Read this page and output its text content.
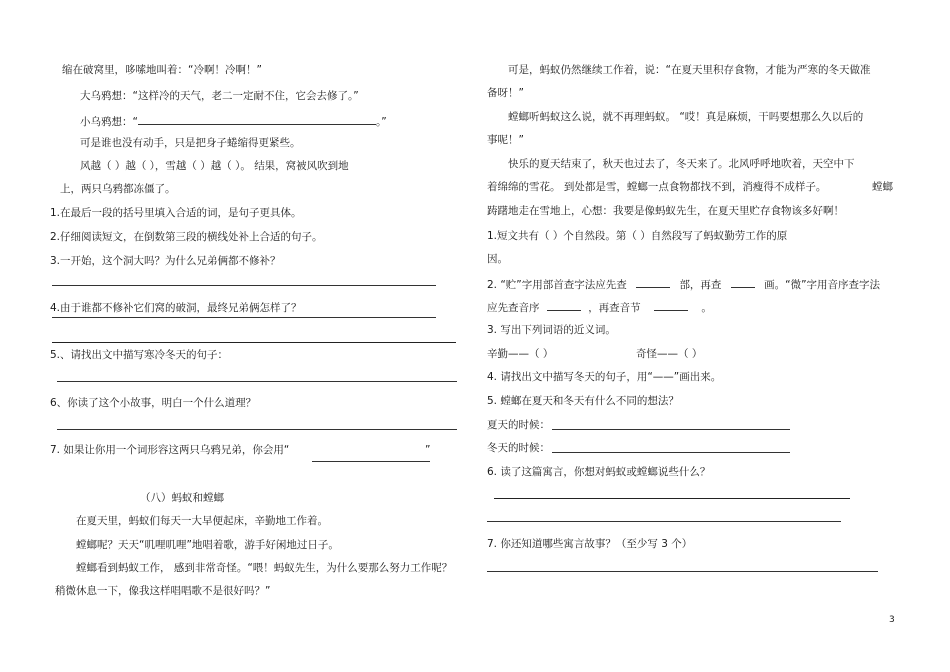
缩在破窝里，哆嗦地叫着：“冷啊！冷啊！”
大乌鸦想：“这样冷的天气，老二一定耐不住，它会去修了。”
小乌鸦想：“	。”
可是谁也没有动手，只是把身子蜷缩得更紧些。
风越（ ）越（ ），雪越（ ）越（ ）。 结果，窝被风吹到地
上，两只乌鸦都冻僵了。
1.在最后一段的括号里填入合适的词，是句子更具体。
2.仔细阅读短文，在倒数第三段的横线处补上合适的句子。
3.一开始，这个洞大吗？为什么兄弟俩都不修补？
4.由于谁都不修补它们窝的破洞，最终兄弟俩怎样了？
5.、请找出文中描写寒冷冬天的句子：
6、你读了这个小故事，明白一个什么道理？
7. 如果让你用一个词形容这两只乌鸦兄弟，你会用“	”
（八）蚂蚁和螳螂
在夏天里，蚂蚁们每天一大早便起床，辛勤地工作着。
螳螂呢？天天“叽哩叽哩”地唱着歌，游手好闲地过日子。
螳螂看到蚂蚁工作， 感到非常奇怪。“喂！蚂蚁先生，为什么要那么努力工作呢？
稍微休息一下，像我这样唱唱歌不是很好吗？”
可是，蚂蚁仍然继续工作着，说：“在夏天里积存食物，才能为严寒的冬天做准
备呀！”
螳螂听蚂蚁这么说，就不再理蚂蚁。 “哎！真是麻烦，干吗要想那么久以后的
事呢！”
快乐的夏天结束了，秋天也过去了，冬天来了。北风呼呼地吹着，天空中下
着绵绵的雪花。 到处都是雪，螳螂一点食物都找不到，消瘦得不成样子。	螳螂
踌躇地走在雪地上，心想：我要是像蚂蚁先生，在夏天里贮存食物该多好啊！
1.短文共有（ ）个自然段。第（ ）自然段写了蚂蚁勤劳工作的原
因。
2. “贮”字用部首查字法应先查	部，再查	画。“微”字用音序查字法
应先查音序	，再查音节	。
3. 写出下列词语的近义词。
辛勤——（ ）	奇怪——（ ）
4. 请找出文中描写冬天的句子，用“——”画出来。
5. 螳螂在夏天和冬天有什么不同的想法？
夏天的时候：
冬天的时候：
6. 读了这篇寓言，你想对蚂蚁或螳螂说些什么？
7. 你还知道哪些寓言故事？（至少写 3 个）
3
